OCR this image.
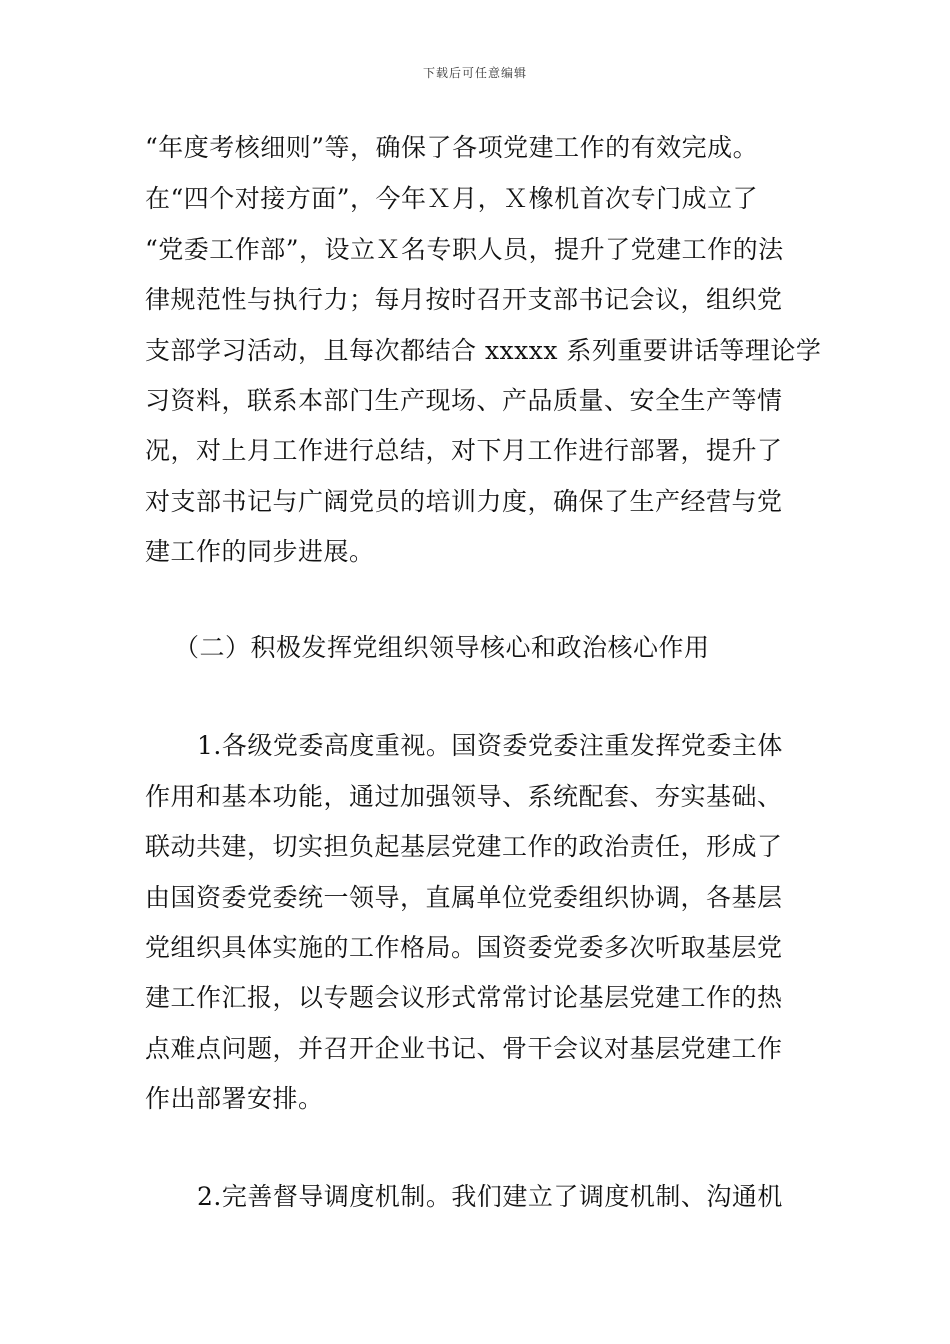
下载后可任意编辑
“年度考核细则”等，确保了各项党建工作的有效完成。
在“四个对接方面”，今年Ｘ月，Ｘ橡机首次专门成立了
“党委工作部”，设立Ｘ名专职人员，提升了党建工作的法
律规范性与执行力；每月按时召开支部书记会议，组织党
支部学习活动，且每次都结合 xxxxx 系列重要讲话等理论学
习资料，联系本部门生产现场、产品质量、安全生产等情
况，对上月工作进行总结，对下月工作进行部署，提升了
对支部书记与广阔党员的培训力度，确保了生产经营与党
建工作的同步进展。
（二）积极发挥党组织领导核心和政治核心作用
1.各级党委高度重视。国资委党委注重发挥党委主体
作用和基本功能，通过加强领导、系统配套、夯实基础、
联动共建，切实担负起基层党建工作的政治责任，形成了
由国资委党委统一领导，直属单位党委组织协调，各基层
党组织具体实施的工作格局。国资委党委多次听取基层党
建工作汇报，以专题会议形式常常讨论基层党建工作的热
点难点问题，并召开企业书记、骨干会议对基层党建工作
作出部署安排。
2.完善督导调度机制。我们建立了调度机制、沟通机
